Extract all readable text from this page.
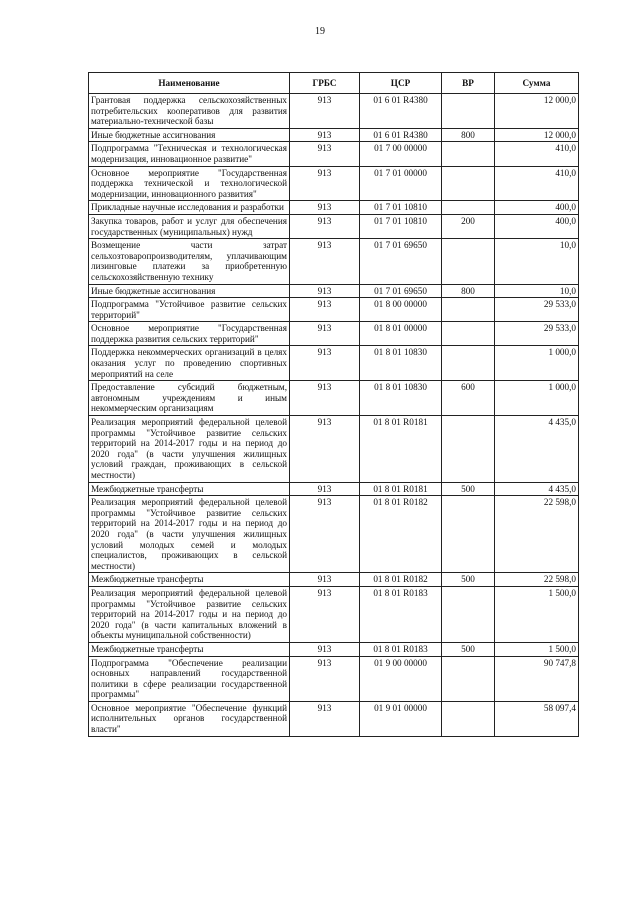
19
Наименование	ГРБС	ЦСР	ВР	Сумма
Грантовая поддержка сельскохозяйственных потребительских кооперативов для развития материально-технической базы	913	01 6 01 R4380		12 000,0
Иные бюджетные ассигнования	913	01 6 01 R4380	800	12 000,0
Подпрограмма "Техническая и технологическая модернизация, инновационное развитие"	913	01 7 00 00000		410,0
Основное мероприятие "Государственная поддержка технической и технологической модернизации, инновационного развития"	913	01 7 01 00000		410,0
Прикладные научные исследования и разработки	913	01 7 01 10810		400,0
Закупка товаров, работ и услуг для обеспечения государственных (муниципальных) нужд	913	01 7 01 10810	200	400,0
Возмещение части затрат сельхозтоваропроизводителям, уплачивающим лизинговые платежи за приобретенную сельскохозяйственную технику	913	01 7 01 69650		10,0
Иные бюджетные ассигнования	913	01 7 01 69650	800	10,0
Подпрограмма "Устойчивое развитие сельских территорий"	913	01 8 00 00000		29 533,0
Основное мероприятие "Государственная поддержка развития сельских территорий"	913	01 8 01 00000		29 533,0
Поддержка некоммерческих организаций в целях оказания услуг по проведению спортивных мероприятий на селе	913	01 8 01 10830		1 000,0
Предоставление субсидий бюджетным, автономным учреждениям и иным некоммерческим организациям	913	01 8 01 10830	600	1 000,0
Реализация мероприятий федеральной целевой программы "Устойчивое развитие сельских территорий на 2014-2017 годы и на период до 2020 года" (в части улучшения жилищных условий граждан, проживающих в сельской местности)	913	01 8 01 R0181		4 435,0
Межбюджетные трансферты	913	01 8 01 R0181	500	4 435,0
Реализация мероприятий федеральной целевой программы "Устойчивое развитие сельских территорий на 2014-2017 годы и на период до 2020 года" (в части улучшения жилищных условий молодых семей и молодых специалистов, проживающих в сельской местности)	913	01 8 01 R0182		22 598,0
Межбюджетные трансферты	913	01 8 01 R0182	500	22 598,0
Реализация мероприятий федеральной целевой программы "Устойчивое развитие сельских территорий на 2014-2017 годы и на период до 2020 года" (в части капитальных вложений в объекты муниципальной собственности)	913	01 8 01 R0183		1 500,0
Межбюджетные трансферты	913	01 8 01 R0183	500	1 500,0
Подпрограмма "Обеспечение реализации основных направлений государственной политики в сфере реализации государственной программы"	913	01 9 00 00000		90 747,8
Основное мероприятие "Обеспечение функций исполнительных органов государственной власти"	913	01 9 01 00000		58 097,4
